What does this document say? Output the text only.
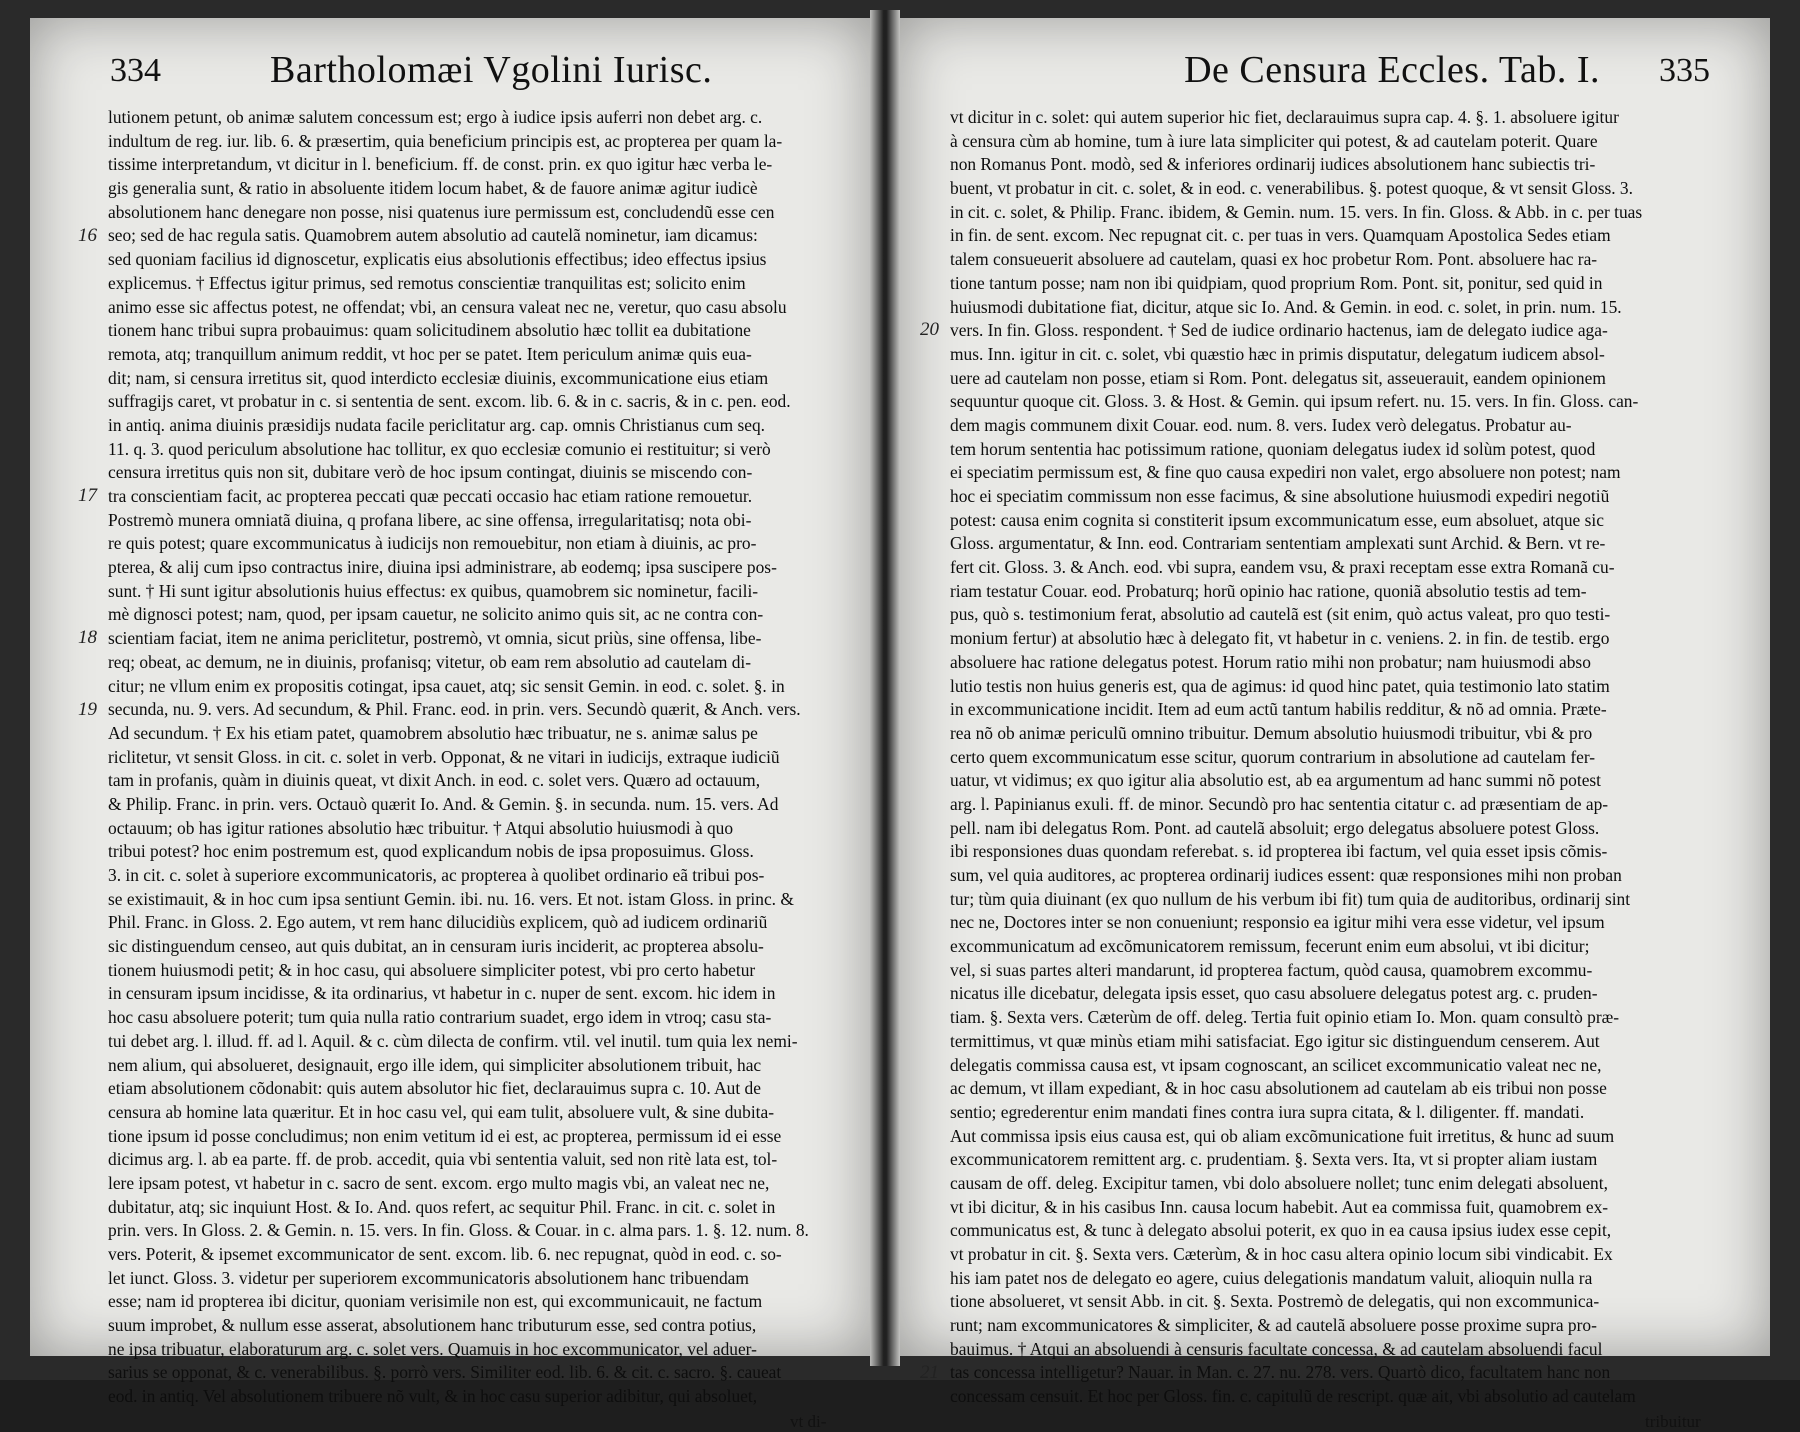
334	Bartholomæi Vgolini Iurisc.
lutionem petunt, ob animæ salutem concessum est; ergo à iudice ipsis auferri non debet arg. c.
indultum de reg. iur. lib. 6. & præsertim, quia beneficium principis est, ac propterea per quam la-
tissime interpretandum, vt dicitur in l. beneficium. ff. de const. prin. ex quo igitur hæc verba le-
gis generalia sunt, & ratio in absoluente itidem locum habet, & de fauore animæ agitur iudicè
absolutionem hanc denegare non posse, nisi quatenus iure permissum est, concludendũ esse cen
seo; sed de hac regula satis. Quamobrem autem absolutio ad cautelã nominetur, iam dicamus:
sed quoniam facilius id dignoscetur, explicatis eius absolutionis effectibus; ideo effectus ipsius
explicemus. † Effectus igitur primus, sed remotus conscientiæ tranquilitas est; solicito enim
animo esse sic affectus potest, ne offendat; vbi, an censura valeat nec ne, veretur, quo casu absolu
tionem hanc tribui supra probauimus: quam solicitudinem absolutio hæc tollit ea dubitatione
remota, atq; tranquillum animum reddit, vt hoc per se patet. Item periculum animæ quis eua-
dit; nam, si censura irretitus sit, quod interdicto ecclesiæ diuinis, excommunicatione eius etiam
suffragijs caret, vt probatur in c. si sententia de sent. excom. lib. 6. & in c. sacris, & in c. pen. eod.
in antiq. anima diuinis præsidijs nudata facile periclitatur arg. cap. omnis Christianus cum seq.
11. q. 3. quod periculum absolutione hac tollitur, ex quo ecclesiæ comunio ei restituitur; si verò
censura irretitus quis non sit, dubitare verò de hoc ipsum contingat, diuinis se miscendo con-
tra conscientiam facit, ac propterea peccati quæ peccati occasio hac etiam ratione remouetur.
Postremò munera omniatã diuina, q profana libere, ac sine offensa, irregularitatisq; nota obi-
re quis potest; quare excommunicatus à iudicijs non remouebitur, non etiam à diuinis, ac pro-
pterea, & alij cum ipso contractus inire, diuina ipsi administrare, ab eodemq; ipsa suscipere pos-
sunt. † Hi sunt igitur absolutionis huius effectus: ex quibus, quamobrem sic nominetur, facili-
mè dignosci potest; nam, quod, per ipsam cauetur, ne solicito animo quis sit, ac ne contra con-
scientiam faciat, item ne anima periclitetur, postremò, vt omnia, sicut priùs, sine offensa, libe-
req; obeat, ac demum, ne in diuinis, profanisq; vitetur, ob eam rem absolutio ad cautelam di-
citur; ne vllum enim ex propositis cotingat, ipsa cauet, atq; sic sensit Gemin. in eod. c. solet. §. in
secunda, nu. 9. vers. Ad secundum, & Phil. Franc. eod. in prin. vers. Secundò quærit, & Anch. vers.
Ad secundum. † Ex his etiam patet, quamobrem absolutio hæc tribuatur, ne s. animæ salus pe
riclitetur, vt sensit Gloss. in cit. c. solet in verb. Opponat, & ne vitari in iudicijs, extraque iudiciũ
tam in profanis, quàm in diuinis queat, vt dixit Anch. in eod. c. solet vers. Quæro ad octauum,
& Philip. Franc. in prin. vers. Octauò quærit Io. And. & Gemin. §. in secunda. num. 15. vers. Ad
octauum; ob has igitur rationes absolutio hæc tribuitur. † Atqui absolutio huiusmodi à quo
tribui potest? hoc enim postremum est, quod explicandum nobis de ipsa proposuimus. Gloss.
3. in cit. c. solet à superiore excommunicatoris, ac propterea à quolibet ordinario eã tribui pos-
se existimauit, & in hoc cum ipsa sentiunt Gemin. ibi. nu. 16. vers. Et not. istam Gloss. in princ. &
Phil. Franc. in Gloss. 2. Ego autem, vt rem hanc dilucidiùs explicem, quò ad iudicem ordinariũ
sic distinguendum censeo, aut quis dubitat, an in censuram iuris inciderit, ac propterea absolu-
tionem huiusmodi petit; & in hoc casu, qui absoluere simpliciter potest, vbi pro certo habetur
in censuram ipsum incidisse, & ita ordinarius, vt habetur in c. nuper de sent. excom. hic idem in
hoc casu absoluere poterit; tum quia nulla ratio contrarium suadet, ergo idem in vtroq; casu sta-
tui debet arg. l. illud. ff. ad l. Aquil. & c. cùm dilecta de confirm. vtil. vel inutil. tum quia lex nemi-
nem alium, qui absolueret, designauit, ergo ille idem, qui simpliciter absolutionem tribuit, hac
etiam absolutionem cõdonabit: quis autem absolutor hic fiet, declarauimus supra c. 10. Aut de
censura ab homine lata quæritur. Et in hoc casu vel, qui eam tulit, absoluere vult, & sine dubita-
tione ipsum id posse concludimus; non enim vetitum id ei est, ac propterea, permissum id ei esse
dicimus arg. l. ab ea parte. ff. de prob. accedit, quia vbi sententia valuit, sed non ritè lata est, tol-
lere ipsam potest, vt habetur in c. sacro de sent. excom. ergo multo magis vbi, an valeat nec ne,
dubitatur, atq; sic inquiunt Host. & Io. And. quos refert, ac sequitur Phil. Franc. in cit. c. solet in
prin. vers. In Gloss. 2. & Gemin. n. 15. vers. In fin. Gloss. & Couar. in c. alma pars. 1. §. 12. num. 8.
vers. Poterit, & ipsemet excommunicator de sent. excom. lib. 6. nec repugnat, quòd in eod. c. so-
let iunct. Gloss. 3. videtur per superiorem excommunicatoris absolutionem hanc tribuendam
esse; nam id propterea ibi dicitur, quoniam verisimile non est, qui excommunicauit, ne factum
suum improbet, & nullum esse asserat, absolutionem hanc tributurum esse, sed contra potius,
ne ipsa tribuatur, elaboraturum arg. c. solet vers. Quamuis in hoc excommunicator, vel aduer-
sarius se opponat, & c. venerabilibus. §. porrò vers. Similiter eod. lib. 6. & cit. c. sacro. §. caueat
eod. in antiq. Vel absolutionem tribuere nõ vult, & in hoc casu superior adibitur, qui absoluet,
16
17
18
19
vt di-
De Censura Eccles. Tab. I. 335
vt dicitur in c. solet: qui autem superior hic fiet, declarauimus supra cap. 4. §. 1. absoluere igitur
à censura cùm ab homine, tum à iure lata simpliciter qui potest, & ad cautelam poterit. Quare
non Romanus Pont. modò, sed & inferiores ordinarij iudices absolutionem hanc subiectis tri-
buent, vt probatur in cit. c. solet, & in eod. c. venerabilibus. §. potest quoque, & vt sensit Gloss. 3.
in cit. c. solet, & Philip. Franc. ibidem, & Gemin. num. 15. vers. In fin. Gloss. & Abb. in c. per tuas
in fin. de sent. excom. Nec repugnat cit. c. per tuas in vers. Quamquam Apostolica Sedes etiam
talem consueuerit absoluere ad cautelam, quasi ex hoc probetur Rom. Pont. absoluere hac ra-
tione tantum posse; nam non ibi quidpiam, quod proprium Rom. Pont. sit, ponitur, sed quid in
huiusmodi dubitatione fiat, dicitur, atque sic Io. And. & Gemin. in eod. c. solet, in prin. num. 15.
vers. In fin. Gloss. respondent. † Sed de iudice ordinario hactenus, iam de delegato iudice aga-
mus. Inn. igitur in cit. c. solet, vbi quæstio hæc in primis disputatur, delegatum iudicem absol-
uere ad cautelam non posse, etiam si Rom. Pont. delegatus sit, asseuerauit, eandem opinionem
sequuntur quoque cit. Gloss. 3. & Host. & Gemin. qui ipsum refert. nu. 15. vers. In fin. Gloss. can-
dem magis communem dixit Couar. eod. num. 8. vers. Iudex verò delegatus. Probatur au-
tem horum sententia hac potissimum ratione, quoniam delegatus iudex id solùm potest, quod
ei speciatim permissum est, & fine quo causa expediri non valet, ergo absoluere non potest; nam
hoc ei speciatim commissum non esse facimus, & sine absolutione huiusmodi expediri negotiũ
potest: causa enim cognita si constiterit ipsum excommunicatum esse, eum absoluet, atque sic
Gloss. argumentatur, & Inn. eod. Contrariam sententiam amplexati sunt Archid. & Bern. vt re-
fert cit. Gloss. 3. & Anch. eod. vbi supra, eandem vsu, & praxi receptam esse extra Romanã cu-
riam testatur Couar. eod. Probaturq; horũ opinio hac ratione, quoniã absolutio testis ad tem-
pus, quò s. testimonium ferat, absolutio ad cautelã est (sit enim, quò actus valeat, pro quo testi-
monium fertur) at absolutio hæc à delegato fit, vt habetur in c. veniens. 2. in fin. de testib. ergo
absoluere hac ratione delegatus potest. Horum ratio mihi non probatur; nam huiusmodi abso
lutio testis non huius generis est, qua de agimus: id quod hinc patet, quia testimonio lato statim
in excommunicatione incidit. Item ad eum actũ tantum habilis redditur, & nõ ad omnia. Præte-
rea nõ ob animæ periculũ omnino tribuitur. Demum absolutio huiusmodi tribuitur, vbi & pro
certo quem excommunicatum esse scitur, quorum contrarium in absolutione ad cautelam fer-
uatur, vt vidimus; ex quo igitur alia absolutio est, ab ea argumentum ad hanc summi nõ potest
arg. l. Papinianus exuli. ff. de minor. Secundò pro hac sententia citatur c. ad præsentiam de ap-
pell. nam ibi delegatus Rom. Pont. ad cautelã absoluit; ergo delegatus absoluere potest Gloss.
ibi responsiones duas quondam referebat. s. id propterea ibi factum, vel quia esset ipsis cõmis-
sum, vel quia auditores, ac propterea ordinarij iudices essent: quæ responsiones mihi non proban
tur; tùm quia diuinant (ex quo nullum de his verbum ibi fit) tum quia de auditoribus, ordinarij sint
nec ne, Doctores inter se non conueniunt; responsio ea igitur mihi vera esse videtur, vel ipsum
excommunicatum ad excõmunicatorem remissum, fecerunt enim eum absolui, vt ibi dicitur;
vel, si suas partes alteri mandarunt, id propterea factum, quòd causa, quamobrem excommu-
nicatus ille dicebatur, delegata ipsis esset, quo casu absoluere delegatus potest arg. c. pruden-
tiam. §. Sexta vers. Cæterùm de off. deleg. Tertia fuit opinio etiam Io. Mon. quam consultò præ-
termittimus, vt quæ minùs etiam mihi satisfaciat. Ego igitur sic distinguendum censerem. Aut
delegatis commissa causa est, vt ipsam cognoscant, an scilicet excommunicatio valeat nec ne,
ac demum, vt illam expediant, & in hoc casu absolutionem ad cautelam ab eis tribui non posse
sentio; egrederentur enim mandati fines contra iura supra citata, & l. diligenter. ff. mandati.
Aut commissa ipsis eius causa est, qui ob aliam excõmunicatione fuit irretitus, & hunc ad suum
excommunicatorem remittent arg. c. prudentiam. §. Sexta vers. Ita, vt si propter aliam iustam
causam de off. deleg. Excipitur tamen, vbi dolo absoluere nollet; tunc enim delegati absoluent,
vt ibi dicitur, & in his casibus Inn. causa locum habebit. Aut ea commissa fuit, quamobrem ex-
communicatus est, & tunc à delegato absolui poterit, ex quo in ea causa ipsius iudex esse cepit,
vt probatur in cit. §. Sexta vers. Cæterùm, & in hoc casu altera opinio locum sibi vindicabit. Ex
his iam patet nos de delegato eo agere, cuius delegationis mandatum valuit, alioquin nulla ra
tione absolueret, vt sensit Abb. in cit. §. Sexta. Postremò de delegatis, qui non excommunica-
runt; nam excommunicatores & simpliciter, & ad cautelã absoluere posse proxime supra pro-
bauimus. † Atqui an absoluendi à censuris facultate concessa, & ad cautelam absoluendi facul
tas concessa intelligetur? Nauar. in Man. c. 27. nu. 278. vers. Quartò dico, facultatem hanc non
concessam censuit. Et hoc per Gloss. fin. c. capitulũ de rescript. quæ ait, vbi absolutio ad cautelam
20
21
tribuitur
